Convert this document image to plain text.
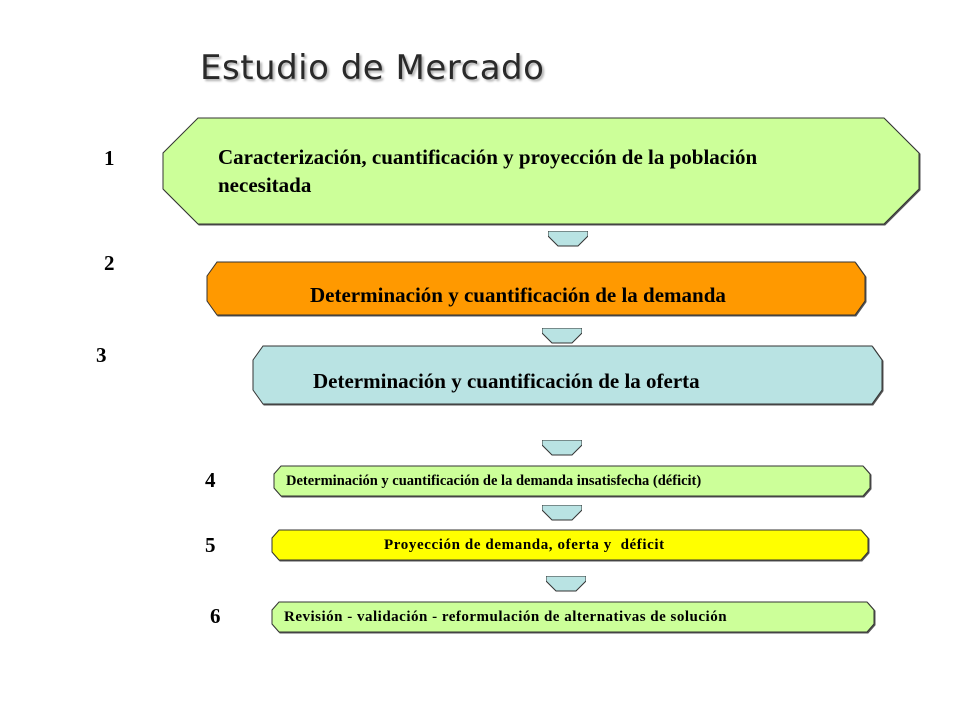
Estudio de Mercado
1	Caracterización, cuantificación y proyección de la población necesitada
2
Determinación y cuantificación de la demanda
3
Determinación y cuantificación de la oferta
4	Determinación y cuantificación de la demanda insatisfecha (déficit)
5	Proyección de demanda, oferta y  déficit
6	Revisión - validación - reformulación de alternativas de solución
